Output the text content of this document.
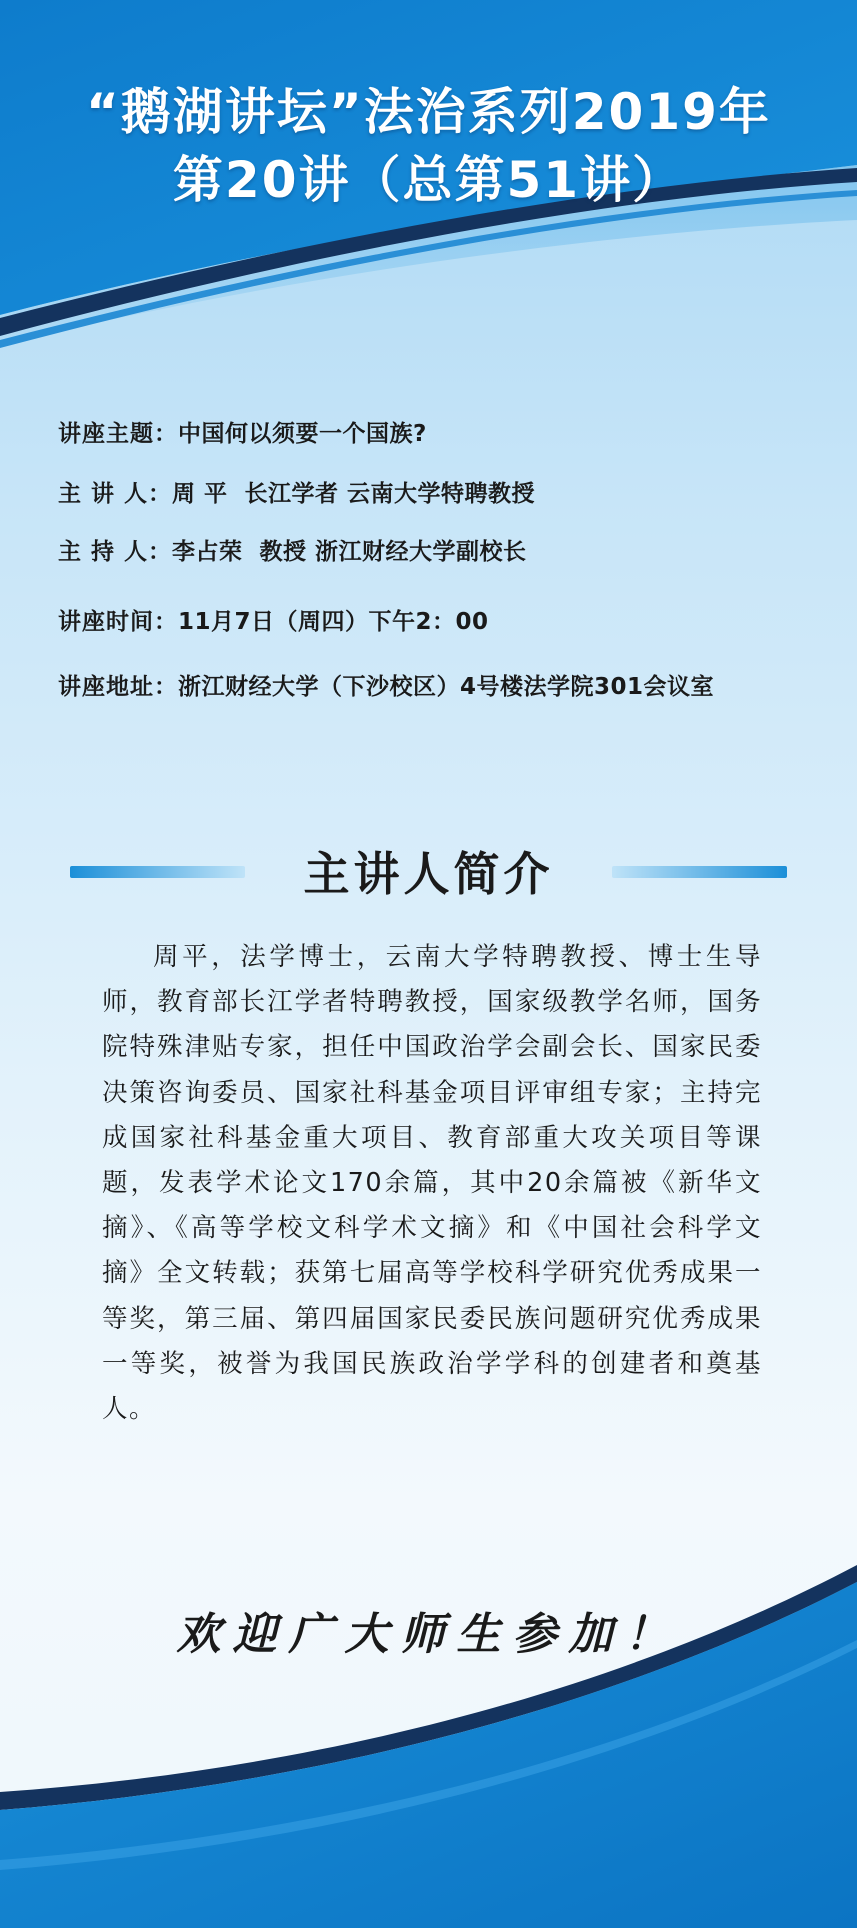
“鹅湖讲坛”法治系列2019年
第20讲（总第51讲）
讲座主题：中国何以须要一个国族?
主 讲 人：周 平  长江学者 云南大学特聘教授
主 持 人：李占荣  教授 浙江财经大学副校长
讲座时间：11月7日（周四）下午2：00
讲座地址：浙江财经大学（下沙校区）4号楼法学院301会议室
主讲人简介
周平，法学博士，云南大学特聘教授、博士生导师，教育部长江学者特聘教授，国家级教学名师，国务院特殊津贴专家，担任中国政治学会副会长、国家民委决策咨询委员、国家社科基金项目评审组专家；主持完成国家社科基金重大项目、教育部重大攻关项目等课题，发表学术论文170余篇，其中20余篇被《新华文摘》、《高等学校文科学术文摘》和《中国社会科学文摘》全文转载；获第七届高等学校科学研究优秀成果一等奖，第三届、第四届国家民委民族问题研究优秀成果一等奖，被誉为我国民族政治学学科的创建者和奠基人。
欢迎广大师生参加！
